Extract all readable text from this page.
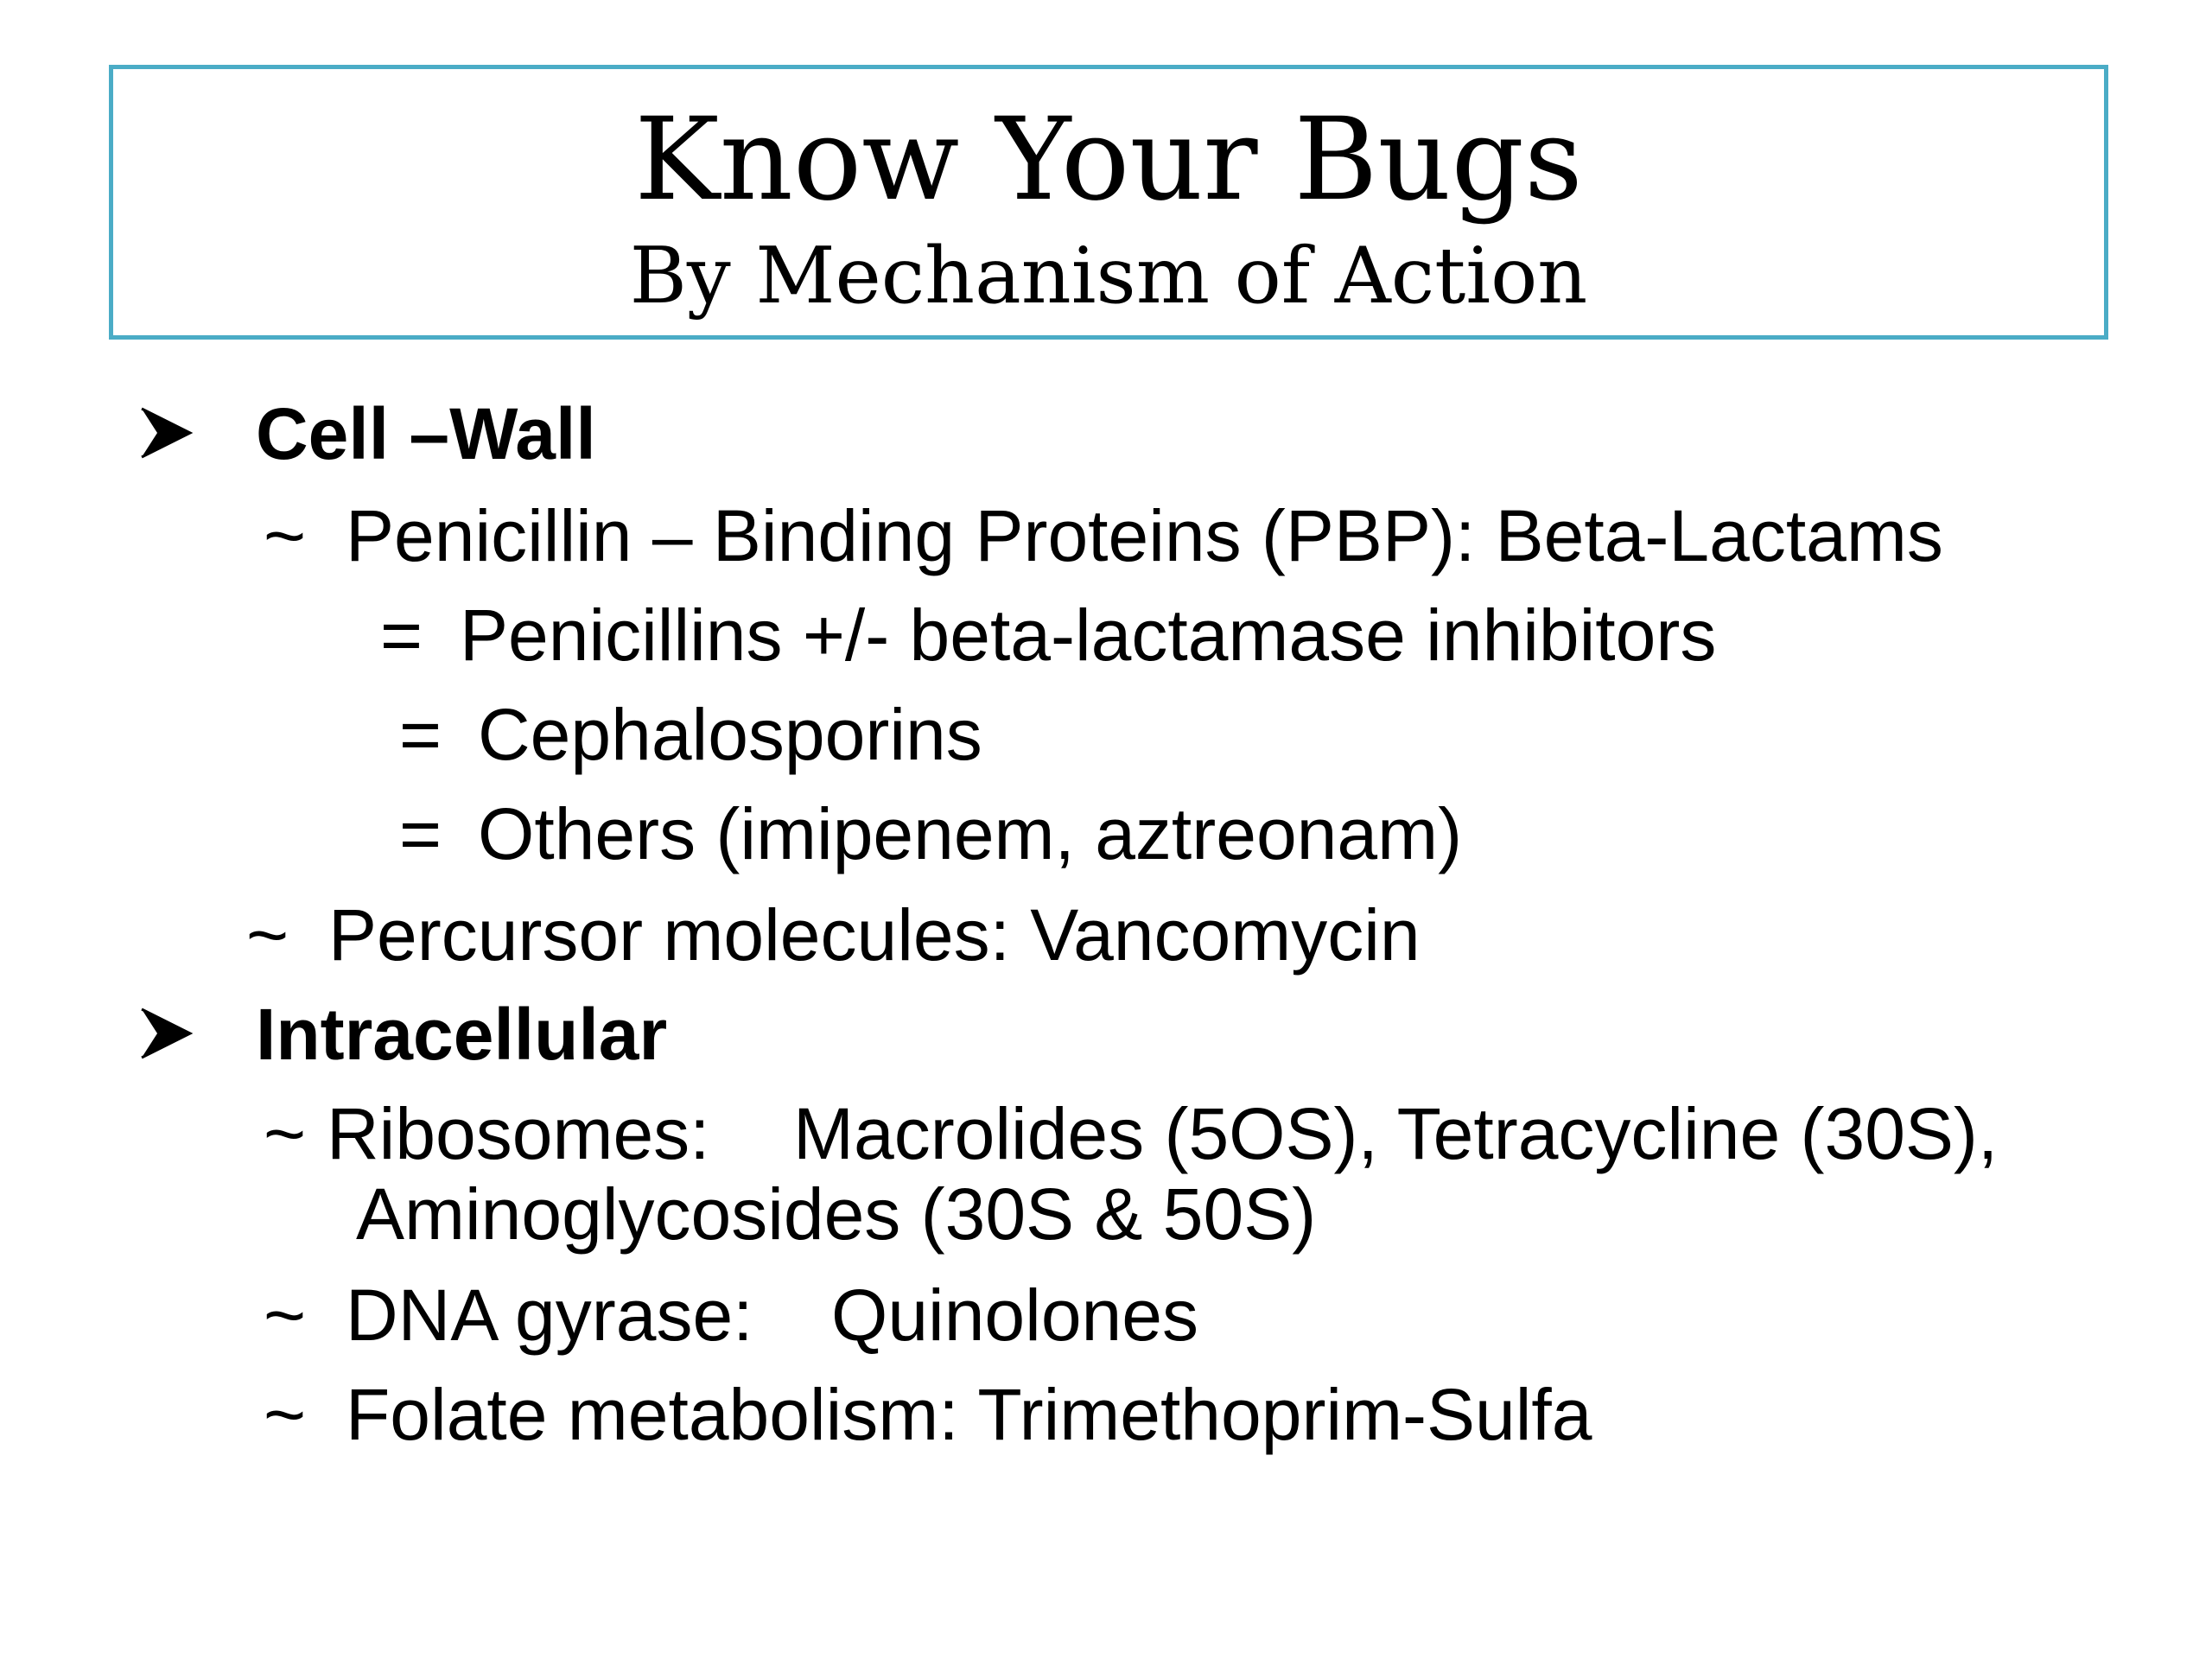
Know Your Bugs
By Mechanism of Action
Cell –Wall
~ Penicillin – Binding Proteins (PBP): Beta-Lactams
= Penicillins +/- beta-lactamase inhibitors
= Cephalosporins
= Others (imipenem, aztreonam)
~ Percursor molecules: Vancomycin
Intracellular
~ Ribosomes: Macrolides (5OS), Tetracycline (30S),
Aminoglycosides (30S & 50S)
~ DNA gyrase: Quinolones
~ Folate metabolism: Trimethoprim-Sulfa
